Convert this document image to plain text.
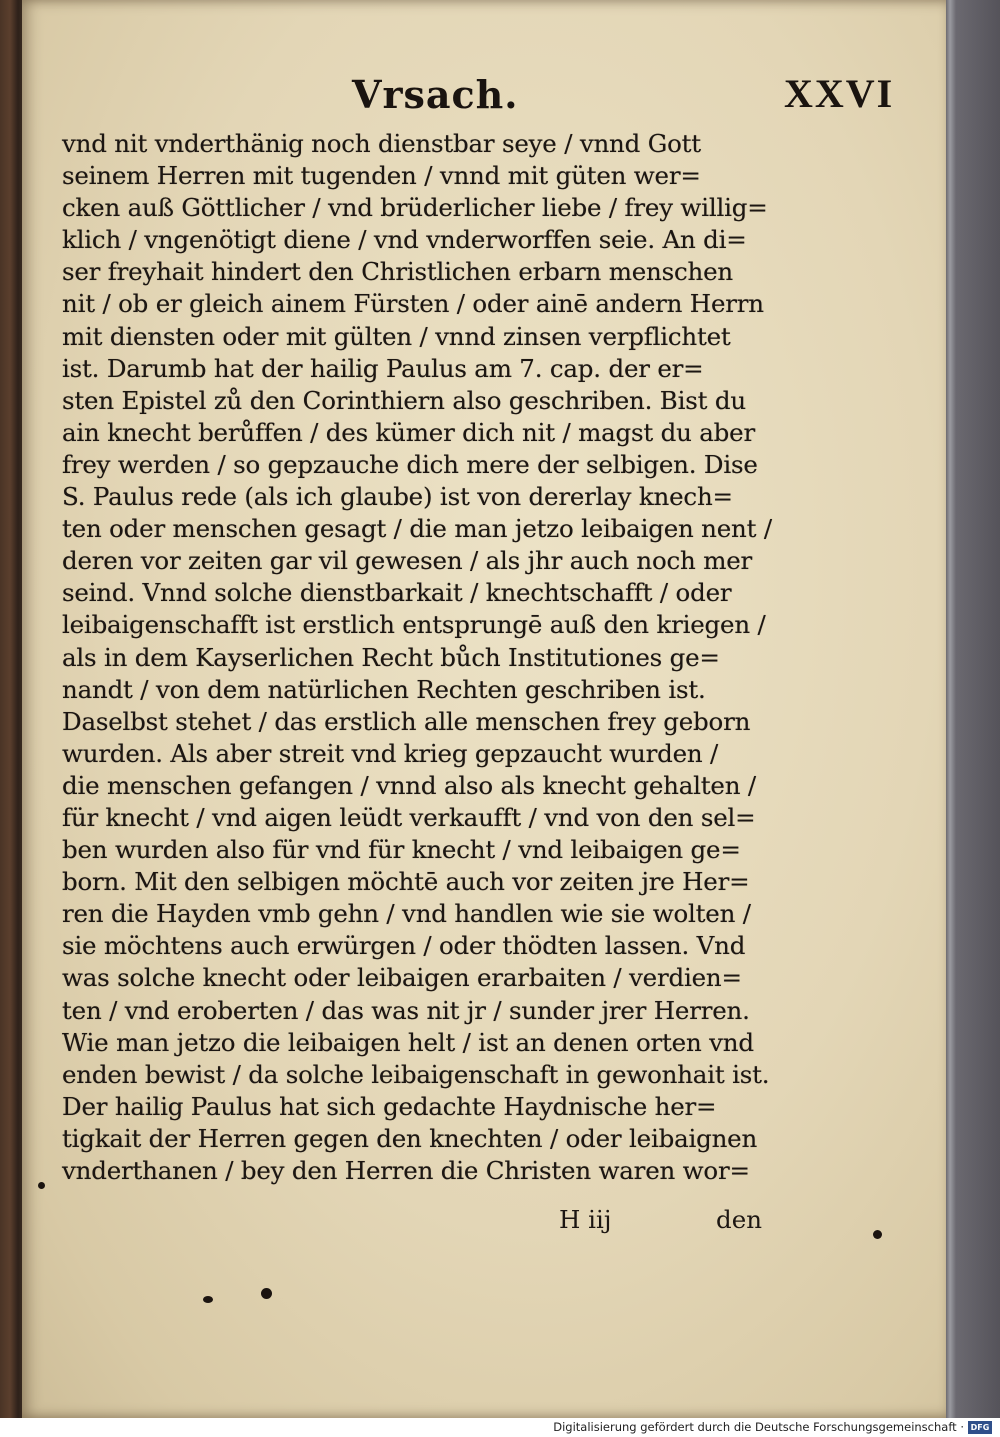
Vrsach.	XXVI
vnd nit vnderthänig noch dienstbar seye / vnnd Gott
seinem Herren mit tugenden / vnnd mit güten wer=
cken auß Göttlicher / vnd brüderlicher liebe / frey willig=
klich / vngenötigt diene / vnd vnderworffen seie. An di=
ser freyhait hindert den Christlichen erbarn menschen
nit / ob er gleich ainem Fürsten / oder ainē andern Herrn
mit diensten oder mit gülten / vnnd zinsen verpflichtet
ist. Darumb hat der hailig Paulus am 7. cap. der er=
sten Epistel zů den Corinthiern also geschriben. Bist du
ain knecht berůffen / des kümer dich nit / magst du aber
frey werden / so gepzauche dich mere der selbigen. Dise
S. Paulus rede (als ich glaube) ist von dererlay knech=
ten oder menschen gesagt / die man jetzo leibaigen nent /
deren vor zeiten gar vil gewesen / als jhr auch noch mer
seind. Vnnd solche dienstbarkait / knechtschafft / oder
leibaigenschafft ist erstlich entsprungē auß den kriegen /
als in dem Kayserlichen Recht bůch Institutiones ge=
nandt / von dem natürlichen Rechten geschriben ist.
Daselbst stehet / das erstlich alle menschen frey geborn
wurden. Als aber streit vnd krieg gepzaucht wurden /
die menschen gefangen / vnnd also als knecht gehalten /
für knecht / vnd aigen leüdt verkaufft / vnd von den sel=
ben wurden also für vnd für knecht / vnd leibaigen ge=
born. Mit den selbigen möchtē auch vor zeiten jre Her=
ren die Hayden vmb gehn / vnd handlen wie sie wolten /
sie möchtens auch erwürgen / oder thödten lassen. Vnd
was solche knecht oder leibaigen erarbaiten / verdien=
ten / vnd eroberten / das was nit jr / sunder jrer Herren.
Wie man jetzo die leibaigen helt / ist an denen orten vnd
enden bewist / da solche leibaigenschaft in gewonhait ist.
Der hailig Paulus hat sich gedachte Haydnische her=
tigkait der Herren gegen den knechten / oder leibaignen
vnderthanen / bey den Herren die Christen waren wor=
H iij	den
Digitalisierung gefördert durch die Deutsche Forschungsgemeinschaft · DFG
